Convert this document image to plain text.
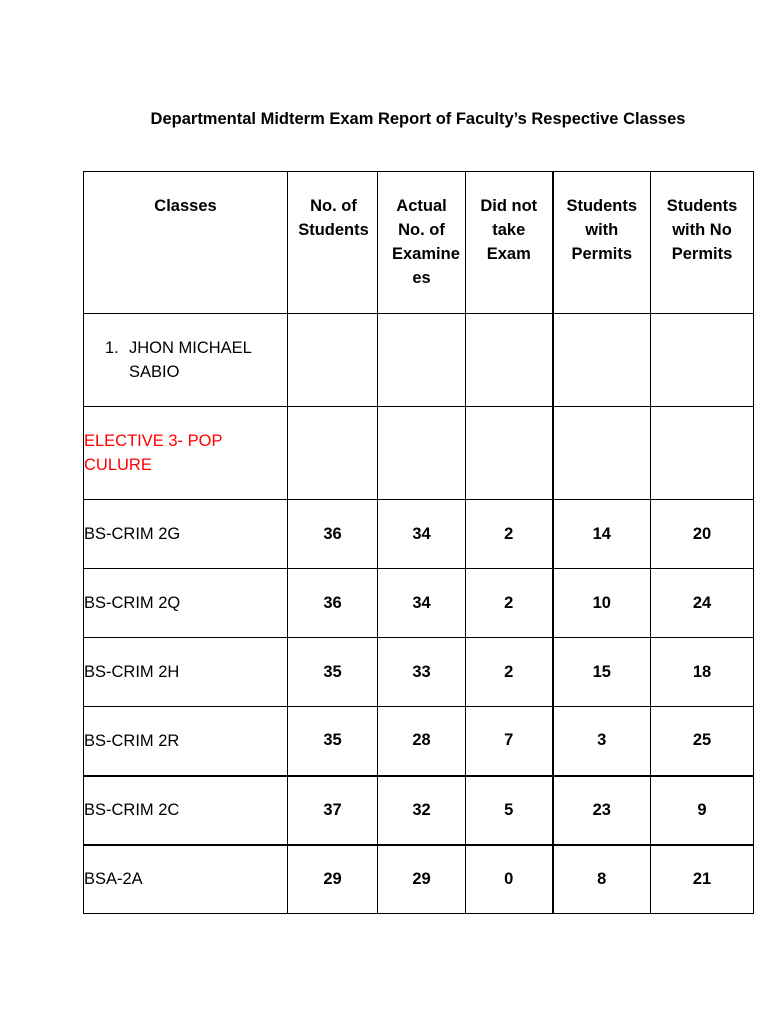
Departmental Midterm Exam Report of Faculty’s Respective Classes
Classes	No. of Students	Actual No. of Examine es	Did not take Exam	Students with Permits	Students with No Permits

1. JHON MICHAEL SABIO					

ELECTIVE 3- POP CULURE					

BS-CRIM 2G	36	34	2	14	20
BS-CRIM 2Q	36	34	2	10	24
BS-CRIM 2H	35	33	2	15	18
BS-CRIM 2R	35	28	7	3	25
BS-CRIM 2C	37	32	5	23	9
BSA-2A	29	29	0	8	21
